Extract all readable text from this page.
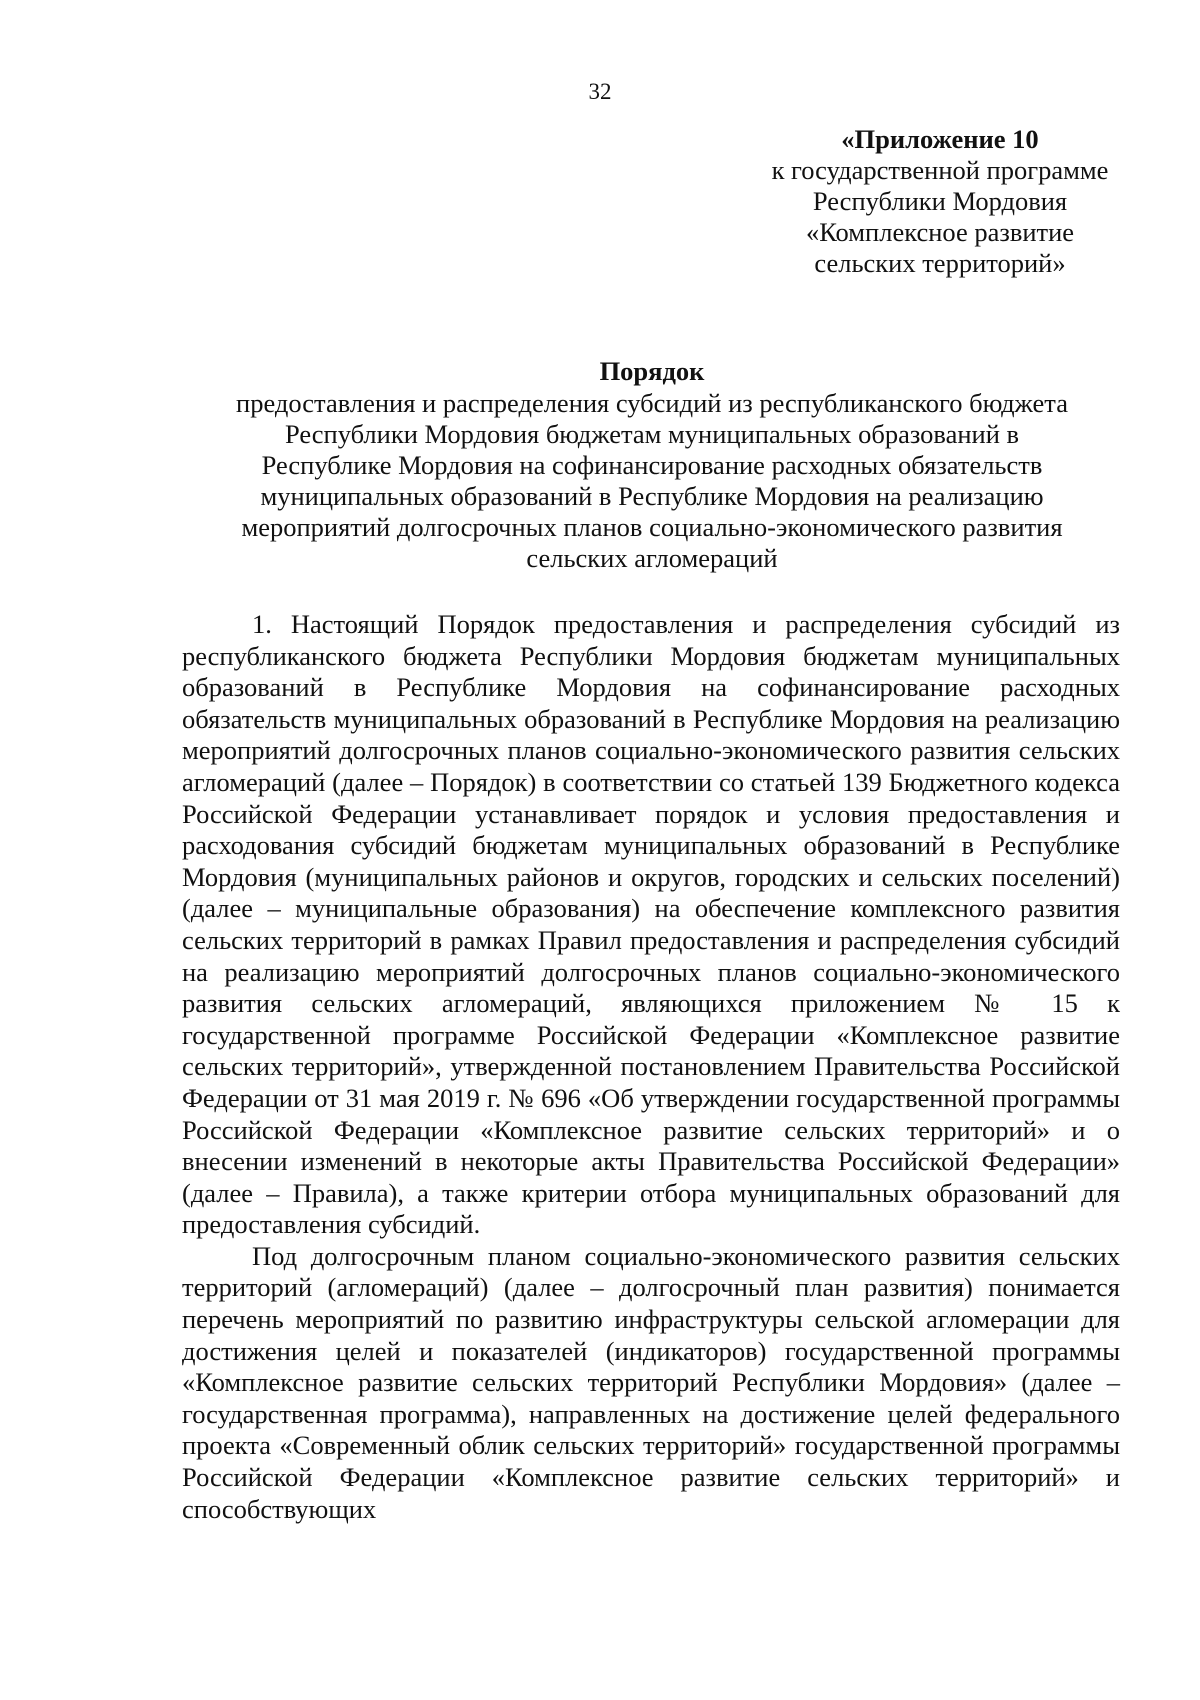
32
«Приложение 10
к государственной программе
Республики Мордовия
«Комплексное развитие
сельских территорий»
Порядок
предоставления и распределения субсидий из республиканского бюджета
Республики Мордовия бюджетам муниципальных образований в
Республике Мордовия на софинансирование расходных обязательств
муниципальных образований в Республике Мордовия на реализацию
мероприятий долгосрочных планов социально-экономического развития
сельских агломераций

1. Настоящий Порядок предоставления и распределения субсидий из республиканского бюджета Республики Мордовия бюджетам муниципальных образований в Республике Мордовия на софинансирование расходных обязательств муниципальных образований в Республике Мордовия на реализацию мероприятий долгосрочных планов социально-экономического развития сельских агломераций (далее – Порядок) в соответствии со статьей 139 Бюджетного кодекса Российской Федерации устанавливает порядок и условия предоставления и расходования субсидий бюджетам муниципальных образований в Республике Мордовия (муниципальных районов и округов, городских и сельских поселений) (далее – муниципальные образования) на обеспечение комплексного развития сельских территорий в рамках Правил предоставления и распределения субсидий на реализацию мероприятий долгосрочных планов социально-экономического развития сельских агломераций, являющихся приложением № 15 к государственной программе Российской Федерации «Комплексное развитие сельских территорий», утвержденной постановлением Правительства Российской Федерации от 31 мая 2019 г. № 696 «Об утверждении государственной программы Российской Федерации «Комплексное развитие сельских территорий» и о внесении изменений в некоторые акты Правительства Российской Федерации» (далее – Правила), а также критерии отбора муниципальных образований для предоставления субсидий.

Под долгосрочным планом социально-экономического развития сельских территорий (агломераций) (далее – долгосрочный план развития) понимается перечень мероприятий по развитию инфраструктуры сельской агломерации для достижения целей и показателей (индикаторов) государственной программы «Комплексное развитие сельских территорий Республики Мордовия» (далее – государственная программа), направленных на достижение целей федерального проекта «Современный облик сельских территорий» государственной программы Российской Федерации «Комплексное развитие сельских территорий» и способствующих
